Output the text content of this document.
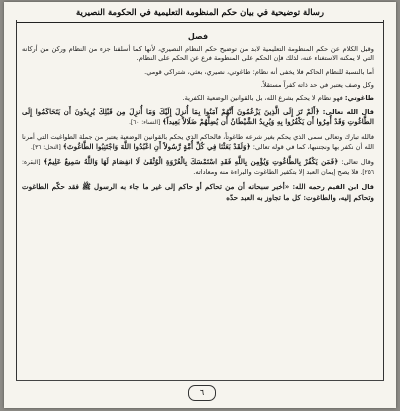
رسالة توضيحية في بيان حكم المنظومة التعليمية في الحكومة النصيرية
فصل

وقبل الكلام عن حكم المنظومة التعليمية لابد من توضيح حكم النظام النصيري، لأنها كما أسلفنا جزء من النظام وركن من أركانه التي لا يمكنه الاستغناء عنه، لذلك فإن الحكم على المنظومة فرع عن الحكم على النظام.

أما بالنسبة للنظام الحاكم فلا يخفى أنه نظام: طاغوتي، نصيري، بعثي، شتراكي قومي.

وكل وصف يعتبر في حد ذاته كفراً مستقلاً.

طاغوتي: فهو نظام لا يحكم بشرع الله، بل بالقوانين الوضعية الكفرية.

قال الله تعالى: ﴿أَلَمْ تَرَ إِلَى الَّذِينَ يَزْعُمُونَ أَنَّهُمْ آمَنُوا بِمَا أُنزِلَ إِلَيْكَ وَمَا أُنزِلَ مِن قَبْلِكَ يُرِيدُونَ أَن يَتَحَاكَمُوا إِلَى الطَّاغُوتِ وَقَدْ أُمِرُوا أَن يَكْفُرُوا بِهِ وَيُرِيدُ الشَّيْطَانُ أَن يُضِلَّهُمْ ضَلَالاً بَعِيداً﴾ [النساء: ٦٠].

فالله تبارك وتعالى سمى الذي يحكم بغير شرعه طاغوتاً، فالحاكم الذي يحكم بالقوانين الوضعية يعتبر من جملة الطواغيت التي أمرنا الله أن نكفر بها ونجتنبها، كما في قوله تعالى: ﴿وَلَقَدْ بَعَثْنَا فِي كُلِّ أُمَّةٍ رَّسُولاً أَنِ اعْبُدُوا اللَّهَ وَاجْتَنِبُوا الطَّاغُوتَ﴾ [النحل: ٣٦].

وقال تعالى: ﴿فَمَن يَكْفُرْ بِالطَّاغُوتِ وَيُؤْمِن بِاللَّهِ فَقَدِ اسْتَمْسَكَ بِالْعُرْوَةِ الْوُثْقَىٰ لَا انفِصَامَ لَهَا وَاللَّهُ سَمِيعٌ عَلِيمٌ﴾ [البقرة: ٢٥٦]. فلا يصح إيمان العبد إلا بتكفير الطاغوت والبراءة منه ومعاداته.

قال ابن القيم رحمه الله: «أخبر سبحانه أن من تحاكم أو حاكم إلى غير ما جاء به الرسول ﷺ فقد حكّم الطاغوت وتحاكم إليه، والطاغوت: كل ما تجاوز به العبد حدّه

٦
